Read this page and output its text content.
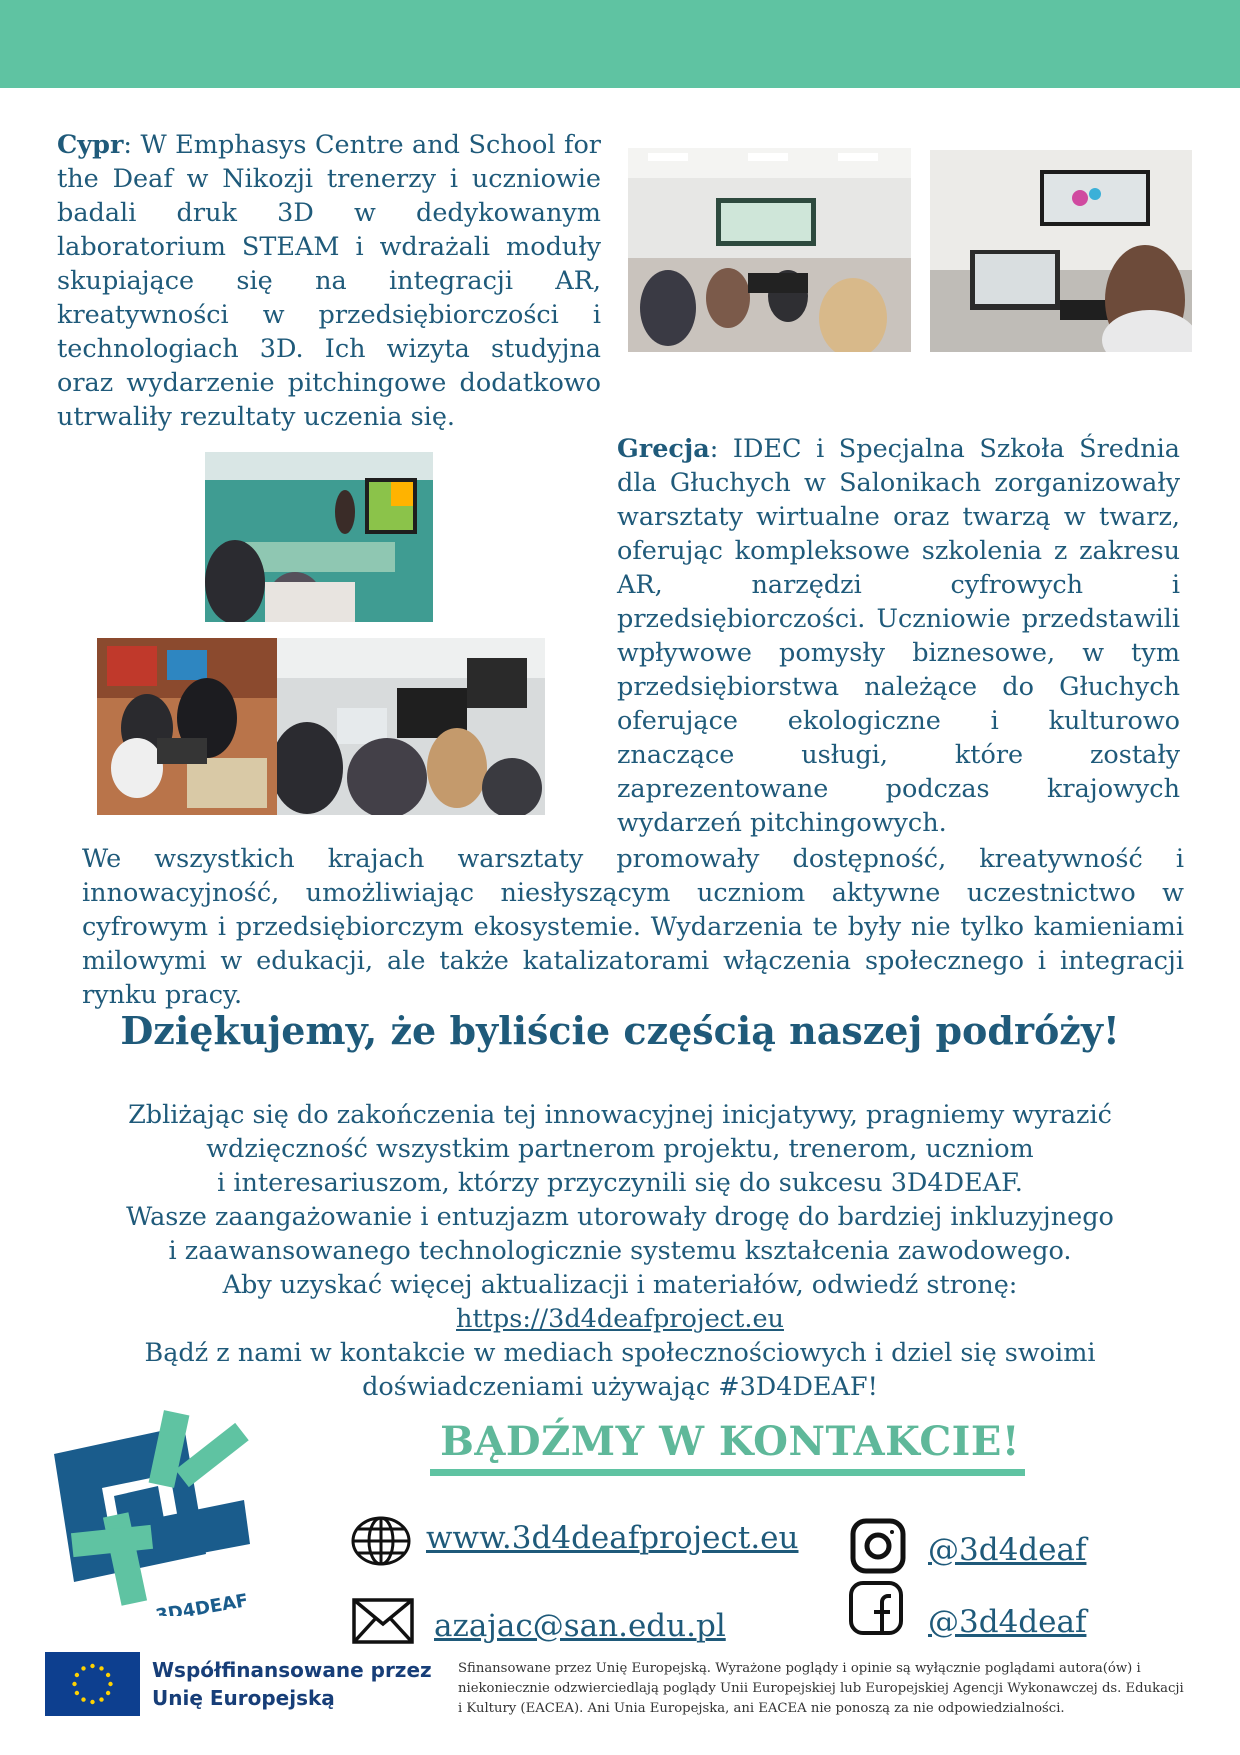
Cypr: W Emphasys Centre and School for the Deaf w Nikozji trenerzy i uczniowie badali druk 3D w dedykowanym laboratorium STEAM i wdrażali moduły skupiające się na integracji AR, kreatywności w przedsiębiorczości i technologiach 3D. Ich wizyta studyjna oraz wydarzenie pitchingowe dodatkowo utrwaliły rezultaty uczenia się.

Grecja: IDEC i Specjalna Szkoła Średnia dla Głuchych w Salonikach zorganizowały warsztaty wirtualne oraz twarzą w twarz, oferując kompleksowe szkolenia z zakresu AR, narzędzi cyfrowych i przedsiębiorczości. Uczniowie przedstawili wpływowe pomysły biznesowe, w tym przedsiębiorstwa należące do Głuchych oferujące ekologiczne i kulturowo znaczące usługi, które zostały zaprezentowane podczas krajowych wydarzeń pitchingowych.

We wszystkich krajach warsztaty promowały dostępność, kreatywność i innowacyjność, umożliwiając niesłyszącym uczniom aktywne uczestnictwo w cyfrowym i przedsiębiorczym ekosystemie. Wydarzenia te były nie tylko kamieniami milowymi w edukacji, ale także katalizatorami włączenia społecznego i integracji rynku pracy.

Dziękujemy, że byliście częścią naszej podróży!
Zbliżając się do zakończenia tej innowacyjnej inicjatywy, pragniemy wyrazić
wdzięczność wszystkim partnerom projektu, trenerom, uczniom
i interesariuszom, którzy przyczynili się do sukcesu 3D4DEAF.
Wasze zaangażowanie i entuzjazm utorowały drogę do bardziej inkluzyjnego
i zaawansowanego technologicznie systemu kształcenia zawodowego.
Aby uzyskać więcej aktualizacji i materiałów, odwiedź stronę:
https://3d4deafproject.eu
Bądź z nami w kontakcie w mediach społecznościowych i dziel się swoimi
doświadczeniami używając #3D4DEAF!
3D4DEAF
BĄDŹMY W KONTAKCIE!
www.3d4deafproject.eu
azajac@san.edu.pl
@3d4deaf
@3d4deaf
Współfinansowane przez
Unię Europejską
Sfinansowane przez Unię Europejską. Wyrażone poglądy i opinie są wyłącznie poglądami autora(ów) i niekoniecznie odzwierciedlają poglądy Unii Europejskiej lub Europejskiej Agencji Wykonawczej ds. Edukacji i Kultury (EACEA). Ani Unia Europejska, ani EACEA nie ponoszą za nie odpowiedzialności.
